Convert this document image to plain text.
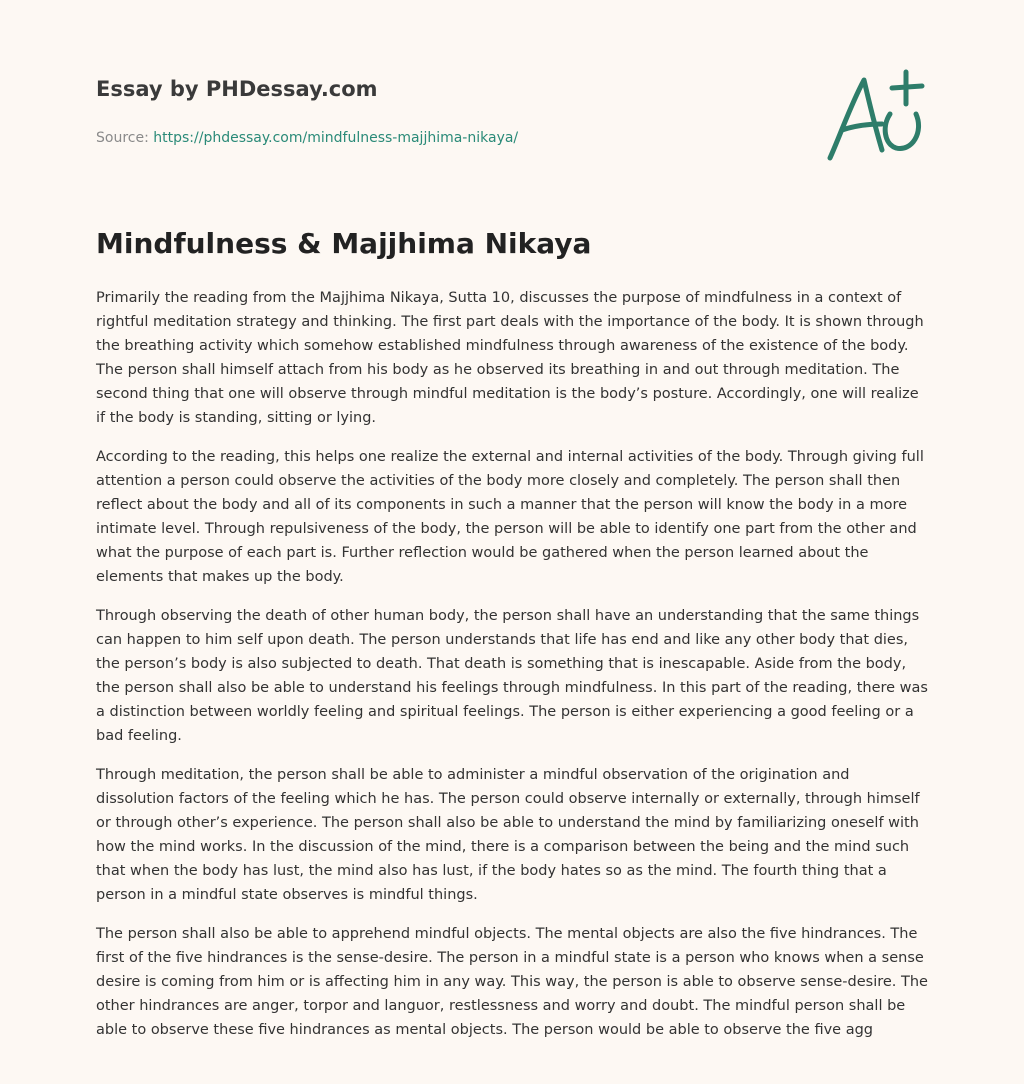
Essay by PHDessay.com
Source: https://phdessay.com/mindfulness-majjhima-nikaya/
Mindfulness & Majjhima Nikaya

Primarily the reading from the Majjhima Nikaya, Sutta 10, discusses the purpose of mindfulness in a context of rightful meditation strategy and thinking. The first part deals with the importance of the body. It is shown through the breathing activity which somehow established mindfulness through awareness of the existence of the body. The person shall himself attach from his body as he observed its breathing in and out through meditation. The second thing that one will observe through mindful meditation is the body’s posture. Accordingly, one will realize if the body is standing, sitting or lying.

According to the reading, this helps one realize the external and internal activities of the body. Through giving full attention a person could observe the activities of the body more closely and completely. The person shall then reflect about the body and all of its components in such a manner that the person will know the body in a more intimate level. Through repulsiveness of the body, the person will be able to identify one part from the other and what the purpose of each part is. Further reflection would be gathered when the person learned about the elements that makes up the body.

Through observing the death of other human body, the person shall have an understanding that the same things can happen to him self upon death. The person understands that life has end and like any other body that dies, the person’s body is also subjected to death. That death is something that is inescapable. Aside from the body, the person shall also be able to understand his feelings through mindfulness. In this part of the reading, there was a distinction between worldly feeling and spiritual feelings. The person is either experiencing a good feeling or a bad feeling.

Through meditation, the person shall be able to administer a mindful observation of the origination and dissolution factors of the feeling which he has. The person could observe internally or externally, through himself or through other’s experience. The person shall also be able to understand the mind by familiarizing oneself with how the mind works. In the discussion of the mind, there is a comparison between the being and the mind such that when the body has lust, the mind also has lust, if the body hates so as the mind. The fourth thing that a person in a mindful state observes is mindful things.

The person shall also be able to apprehend mindful objects. The mental objects are also the five hindrances. The first of the five hindrances is the sense-desire. The person in a mindful state is a person who knows when a sense desire is coming from him or is affecting him in any way. This way, the person is able to observe sense-desire. The other hindrances are anger, torpor and languor, restlessness and worry and doubt. The mindful person shall be able to observe these five hindrances as mental objects. The person would be able to observe the five agg
